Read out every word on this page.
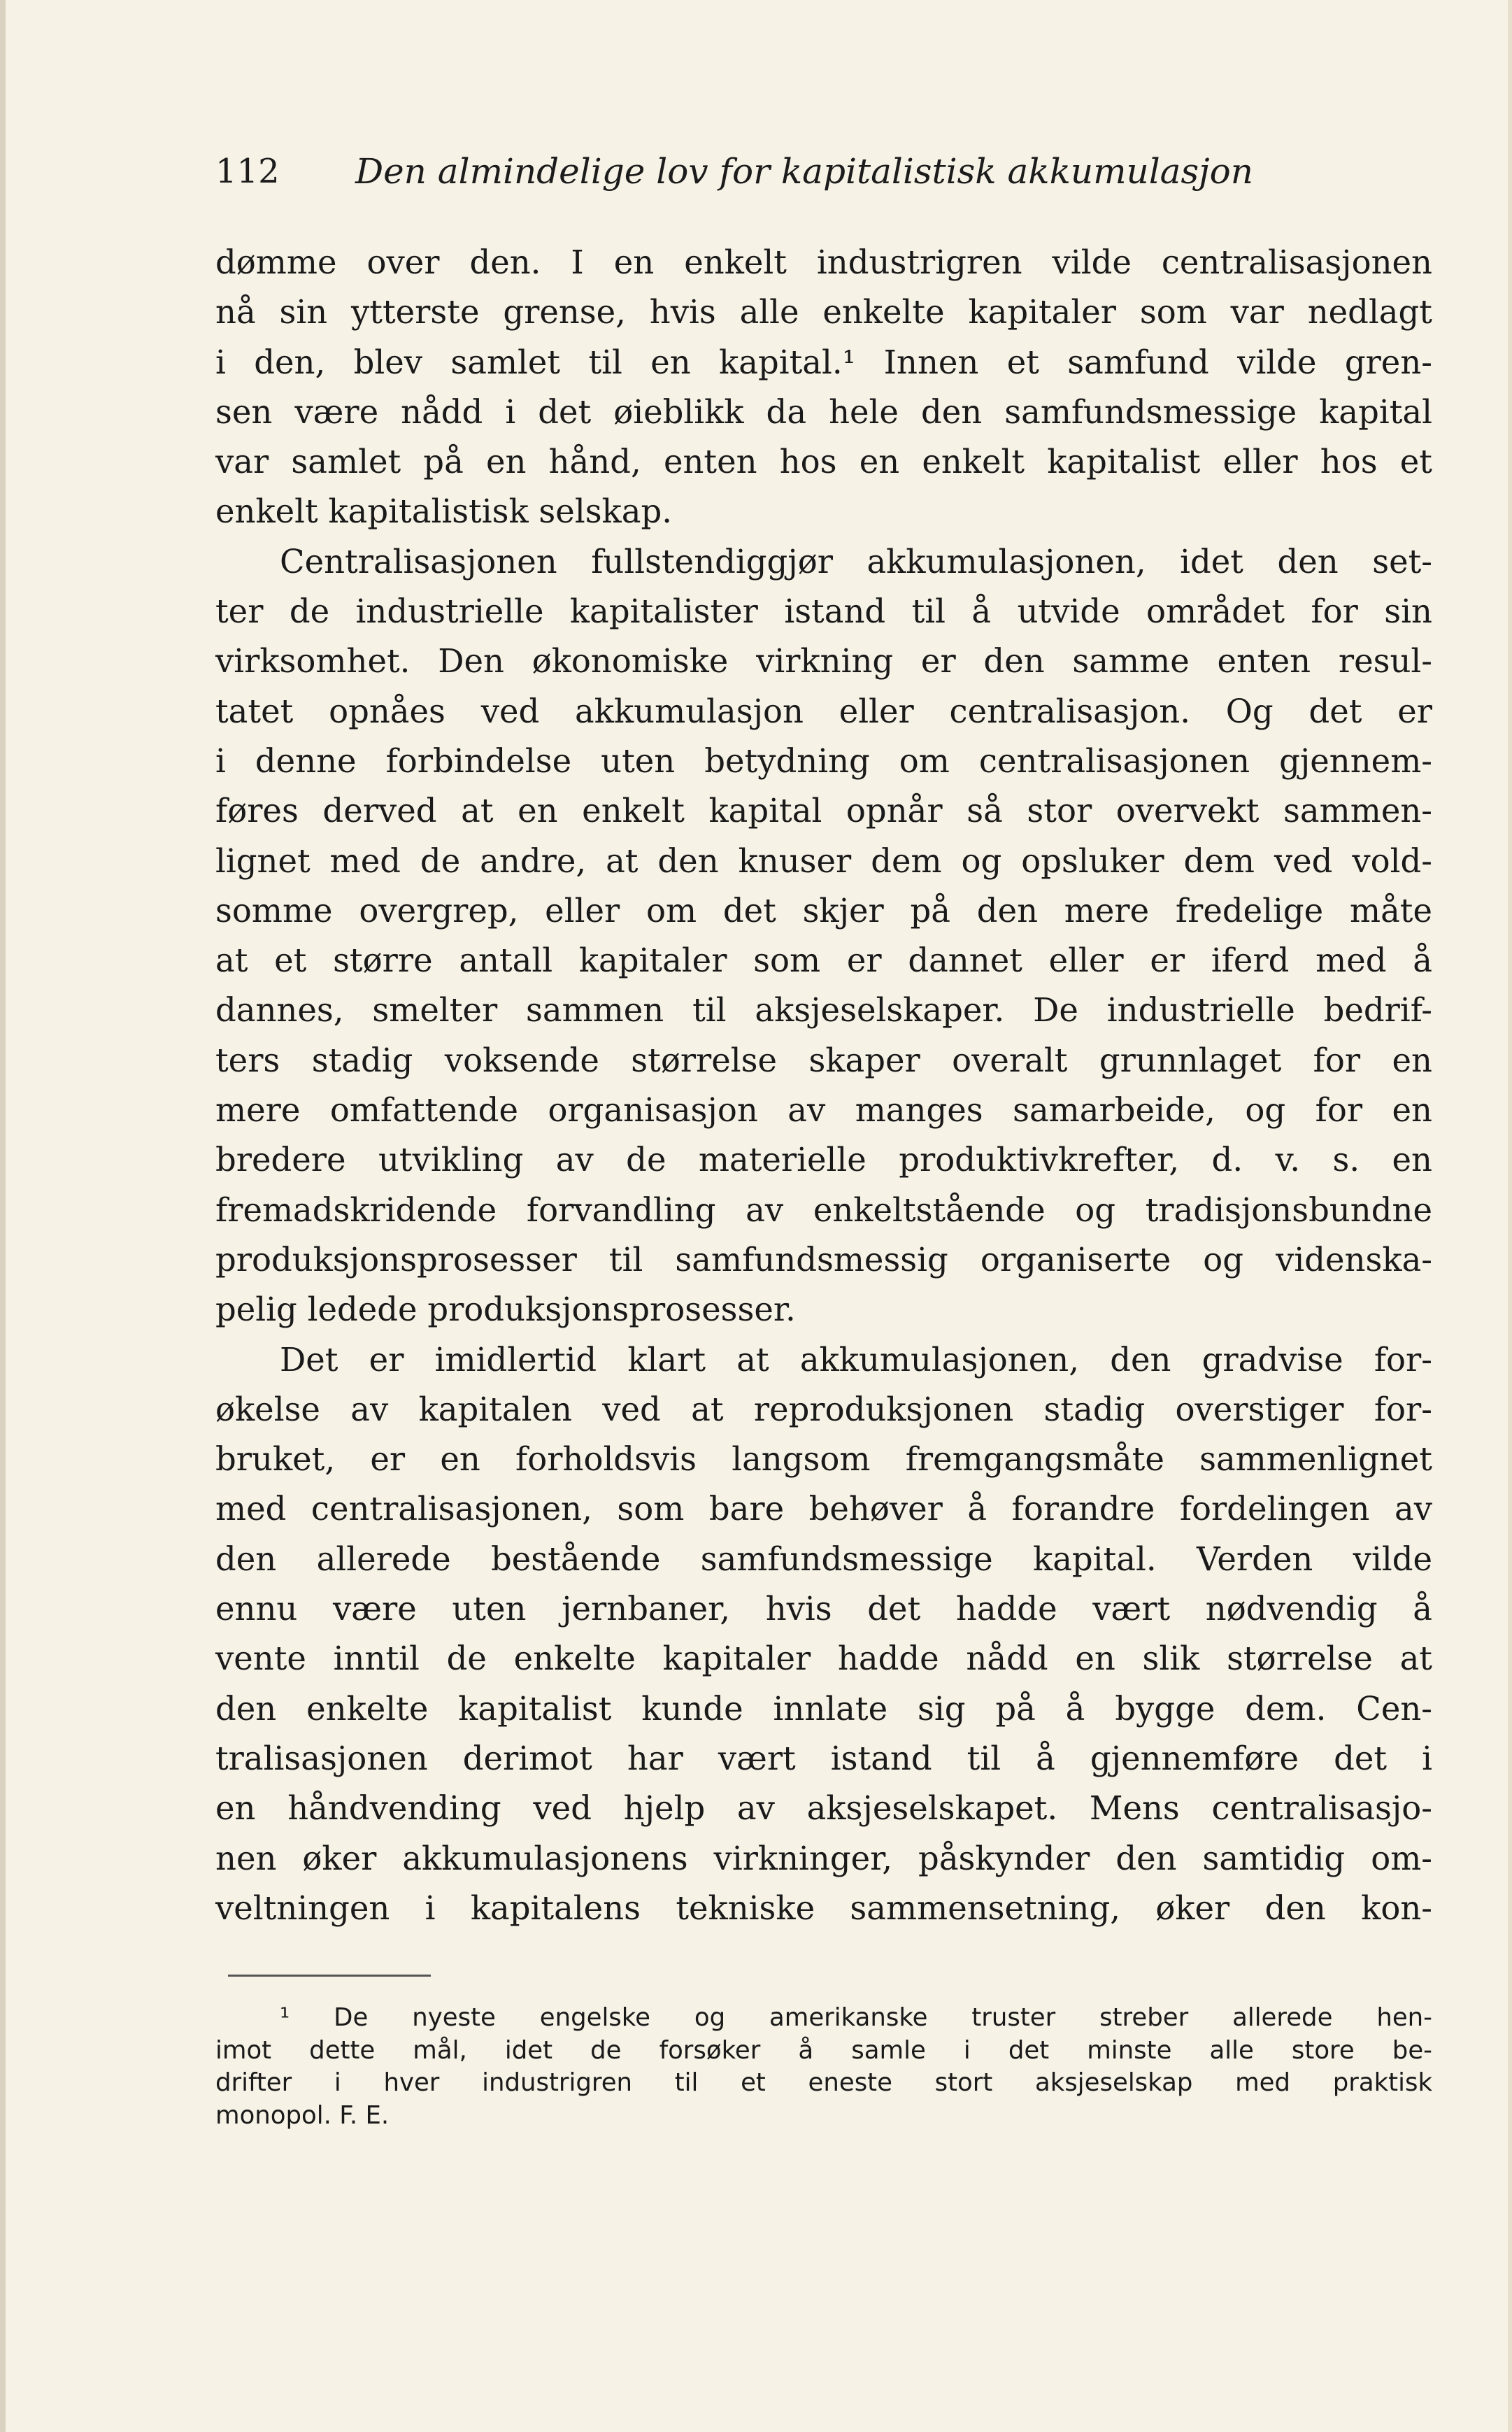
112 Den almindelige lov for kapitalistisk akkumulasjon

dømme over den. I en enkelt industrigren vilde centralisasjonen
nå sin ytterste grense, hvis alle enkelte kapitaler som var nedlagt
i den, blev samlet til en kapital.¹ Innen et samfund vilde gren-
sen være nådd i det øieblikk da hele den samfundsmessige kapital
var samlet på en hånd, enten hos en enkelt kapitalist eller hos et
enkelt kapitalistisk selskap.

Centralisasjonen fullstendiggjør akkumulasjonen, idet den set-
ter de industrielle kapitalister istand til å utvide området for sin
virksomhet. Den økonomiske virkning er den samme enten resul-
tatet opnåes ved akkumulasjon eller centralisasjon. Og det er
i denne forbindelse uten betydning om centralisasjonen gjennem-
føres derved at en enkelt kapital opnår så stor overvekt sammen-
lignet med de andre, at den knuser dem og opsluker dem ved vold-
somme overgrep, eller om det skjer på den mere fredelige måte
at et større antall kapitaler som er dannet eller er iferd med å
dannes, smelter sammen til aksjeselskaper. De industrielle bedrif-
ters stadig voksende størrelse skaper overalt grunnlaget for en
mere omfattende organisasjon av manges samarbeide, og for en
bredere utvikling av de materielle produktivkrefter, d. v. s. en
fremadskridende forvandling av enkeltstående og tradisjonsbundne
produksjonsprosesser til samfundsmessig organiserte og videnska-
pelig ledede produksjonsprosesser.

Det er imidlertid klart at akkumulasjonen, den gradvise for-
økelse av kapitalen ved at reproduksjonen stadig overstiger for-
bruket, er en forholdsvis langsom fremgangsmåte sammenlignet
med centralisasjonen, som bare behøver å forandre fordelingen av
den allerede bestående samfundsmessige kapital. Verden vilde
ennu være uten jernbaner, hvis det hadde vært nødvendig å
vente inntil de enkelte kapitaler hadde nådd en slik størrelse at
den enkelte kapitalist kunde innlate sig på å bygge dem. Cen-
tralisasjonen derimot har vært istand til å gjennemføre det i
en håndvending ved hjelp av aksjeselskapet. Mens centralisasjo-
nen øker akkumulasjonens virkninger, påskynder den samtidig om-
veltningen i kapitalens tekniske sammensetning, øker den kon-

¹ De nyeste engelske og amerikanske truster streber allerede hen-
imot dette mål, idet de forsøker å samle i det minste alle store be-
drifter i hver industrigren til et eneste stort aksjeselskap med praktisk
monopol. F. E.
